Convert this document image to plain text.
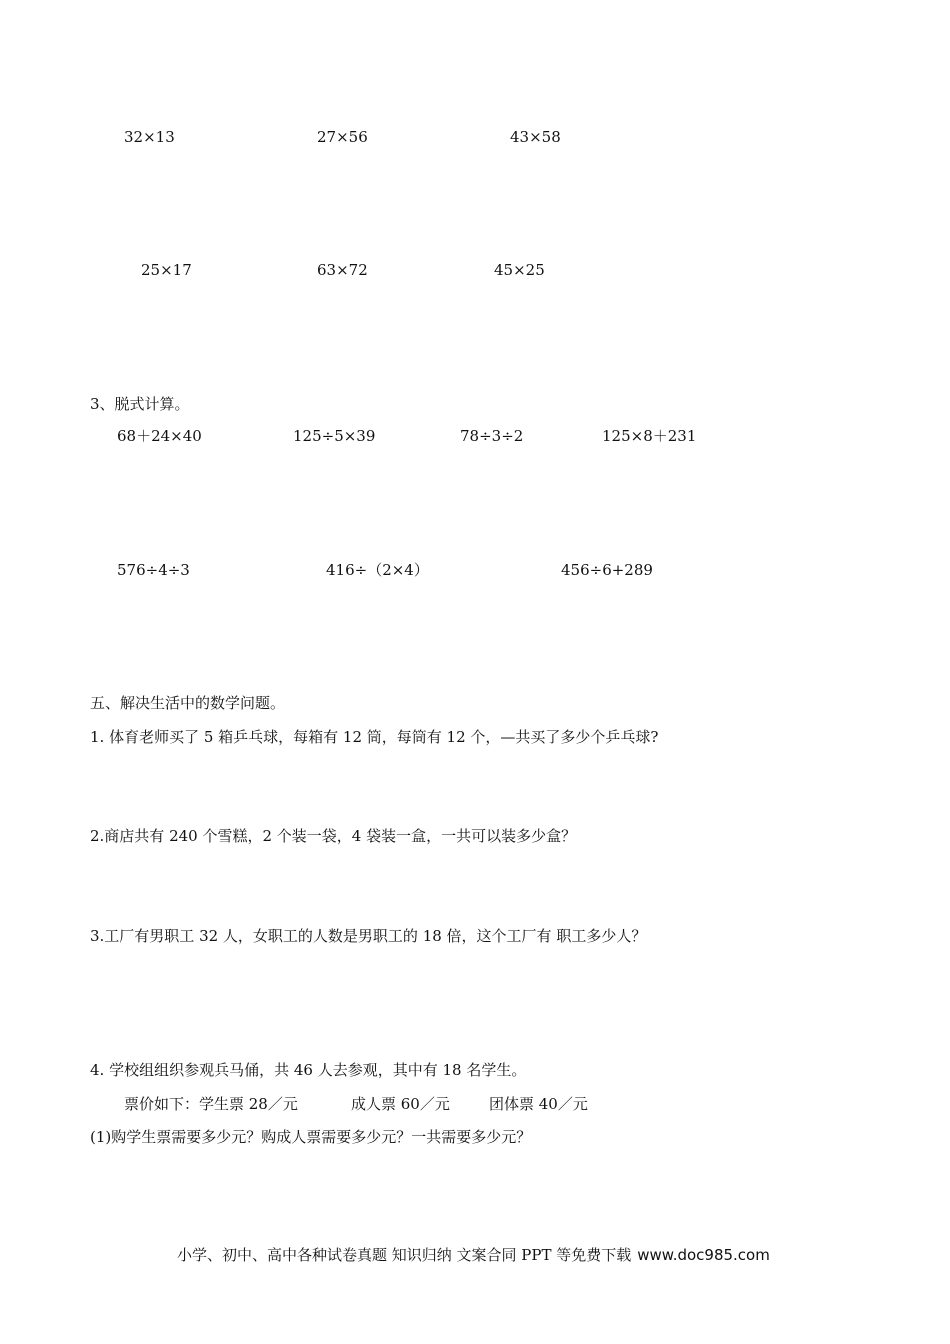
32×13	27×56	43×58
25×17	63×72	45×25
3、脱式计算。
68＋24×40	125÷5×39	78÷3÷2	125×8＋231
576÷4÷3	416÷（2×4）	456÷6+289
五、解决生活中的数学问题。
1. 体育老师买了 5 箱乒乓球，每箱有 12 筒，每筒有 12 个，—共买了多少个乒乓球?
2.商店共有 240 个雪糕，2 个装一袋，4 袋装一盒，一共可以装多少盒？
3.工厂有男职工 32 人，女职工的人数是男职工的 18 倍，这个工厂有 职工多少人？
4. 学校组组织参观兵马俑，共 46 人去参观，其中有 18 名学生。
票价如下：学生票 28／元	成人票 60／元	团体票 40／元
(1)购学生票需要多少元？购成人票需要多少元？一共需要多少元？
小学、初中、高中各种试卷真题 知识归纳 文案合同 PPT 等免费下载 www.doc985.com
